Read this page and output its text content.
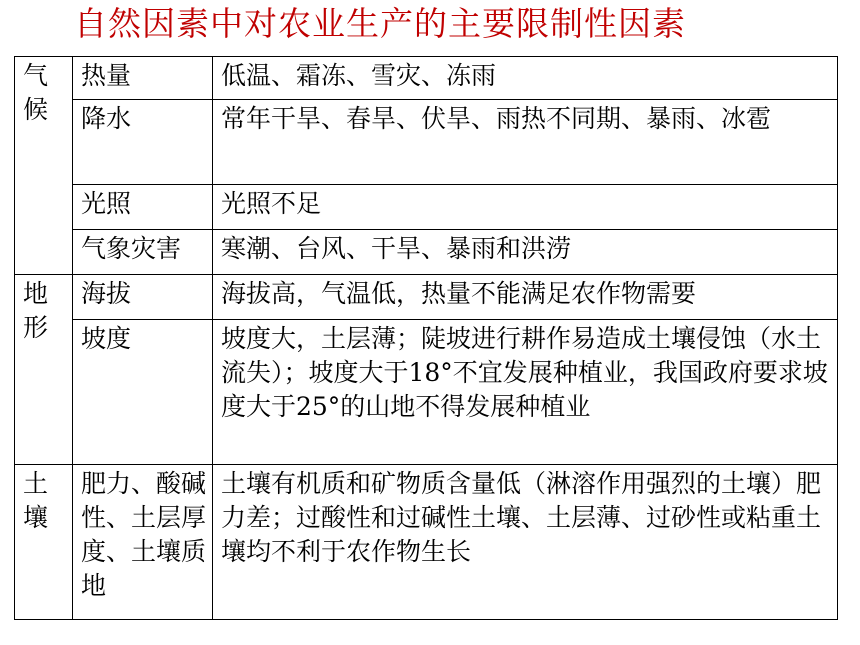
自然因素中对农业生产的主要限制性因素
气候	热量	低温、霜冻、雪灾、冻雨
	降水	常年干旱、春旱、伏旱、雨热不同期、暴雨、冰雹
	光照	光照不足
	气象灾害	寒潮、台风、干旱、暴雨和洪涝

地形	海拔	海拔高，气温低，热量不能满足农作物需要
	坡度	坡度大，土层薄；陡坡进行耕作易造成土壤侵蚀（水土流失）；坡度大于18°不宜发展种植业，我国政府要求坡度大于25°的山地不得发展种植业

土壤	肥力、酸碱性、土层厚度、土壤质地	土壤有机质和矿物质含量低（淋溶作用强烈的土壤）肥力差；过酸性和过碱性土壤、土层薄、过砂性或粘重土壤均不利于农作物生长
